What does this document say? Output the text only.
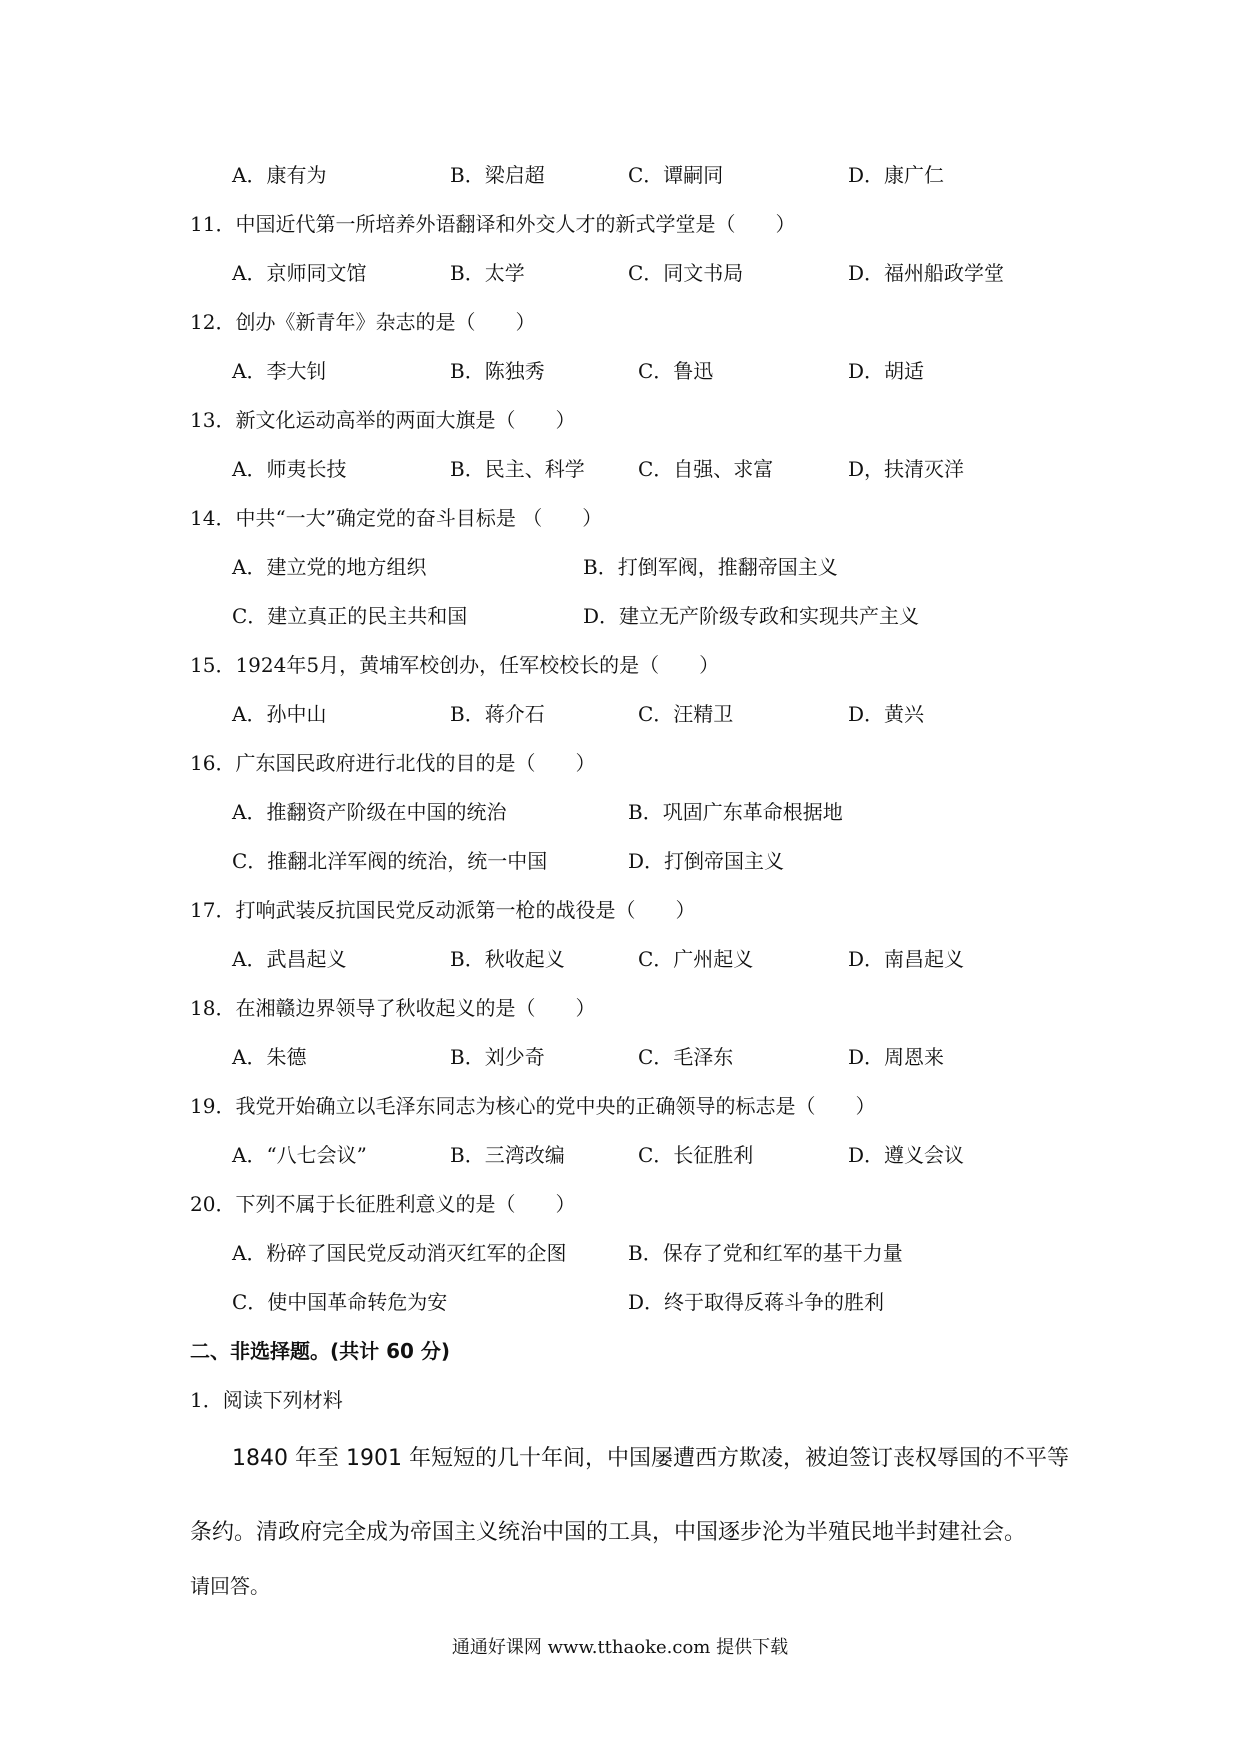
A．康有为	B．梁启超	C．谭嗣同	D．康广仁
11．中国近代第一所培养外语翻译和外交人才的新式学堂是（　　）
A．京师同文馆	B．太学	C．同文书局	D．福州船政学堂
12．创办《新青年》杂志的是（　　）
A．李大钊	B．陈独秀	C．鲁迅	D．胡适
13．新文化运动高举的两面大旗是（　　）
A．师夷长技	B．民主、科学	C．自强、求富	D，扶清灭洋
14．中共“一大”确定党的奋斗目标是 （　　）
A．建立党的地方组织	B．打倒军阀，推翻帝国主义
C．建立真正的民主共和国	D．建立无产阶级专政和实现共产主义
15．1924年5月，黄埔军校创办，任军校校长的是（　　）
A．孙中山	B．蒋介石	C．汪精卫	D．黄兴
16．广东国民政府进行北伐的目的是（　　）
A．推翻资产阶级在中国的统治	B．巩固广东革命根据地
C．推翻北洋军阀的统治，统一中国	D．打倒帝国主义
17．打响武装反抗国民党反动派第一枪的战役是（　　）
A．武昌起义	B．秋收起义	C．广州起义	D．南昌起义
18．在湘赣边界领导了秋收起义的是（　　）
A．朱德	B．刘少奇	C．毛泽东	D．周恩来
19．我党开始确立以毛泽东同志为核心的党中央的正确领导的标志是（　　）
A．“八七会议”	B．三湾改编	C．长征胜利	D．遵义会议
20．下列不属于长征胜利意义的是（　　）
A．粉碎了国民党反动消灭红军的企图	B．保存了党和红军的基干力量
C．使中国革命转危为安	D．终于取得反蒋斗争的胜利
二、非选择题。(共计 60 分)
1．阅读下列材料
1840 年至 1901 年短短的几十年间，中国屡遭西方欺凌，被迫签订丧权辱国的不平等
条约。清政府完全成为帝国主义统治中国的工具，中国逐步沦为半殖民地半封建社会。
请回答。
通通好课网 www.tthaoke.com 提供下载
